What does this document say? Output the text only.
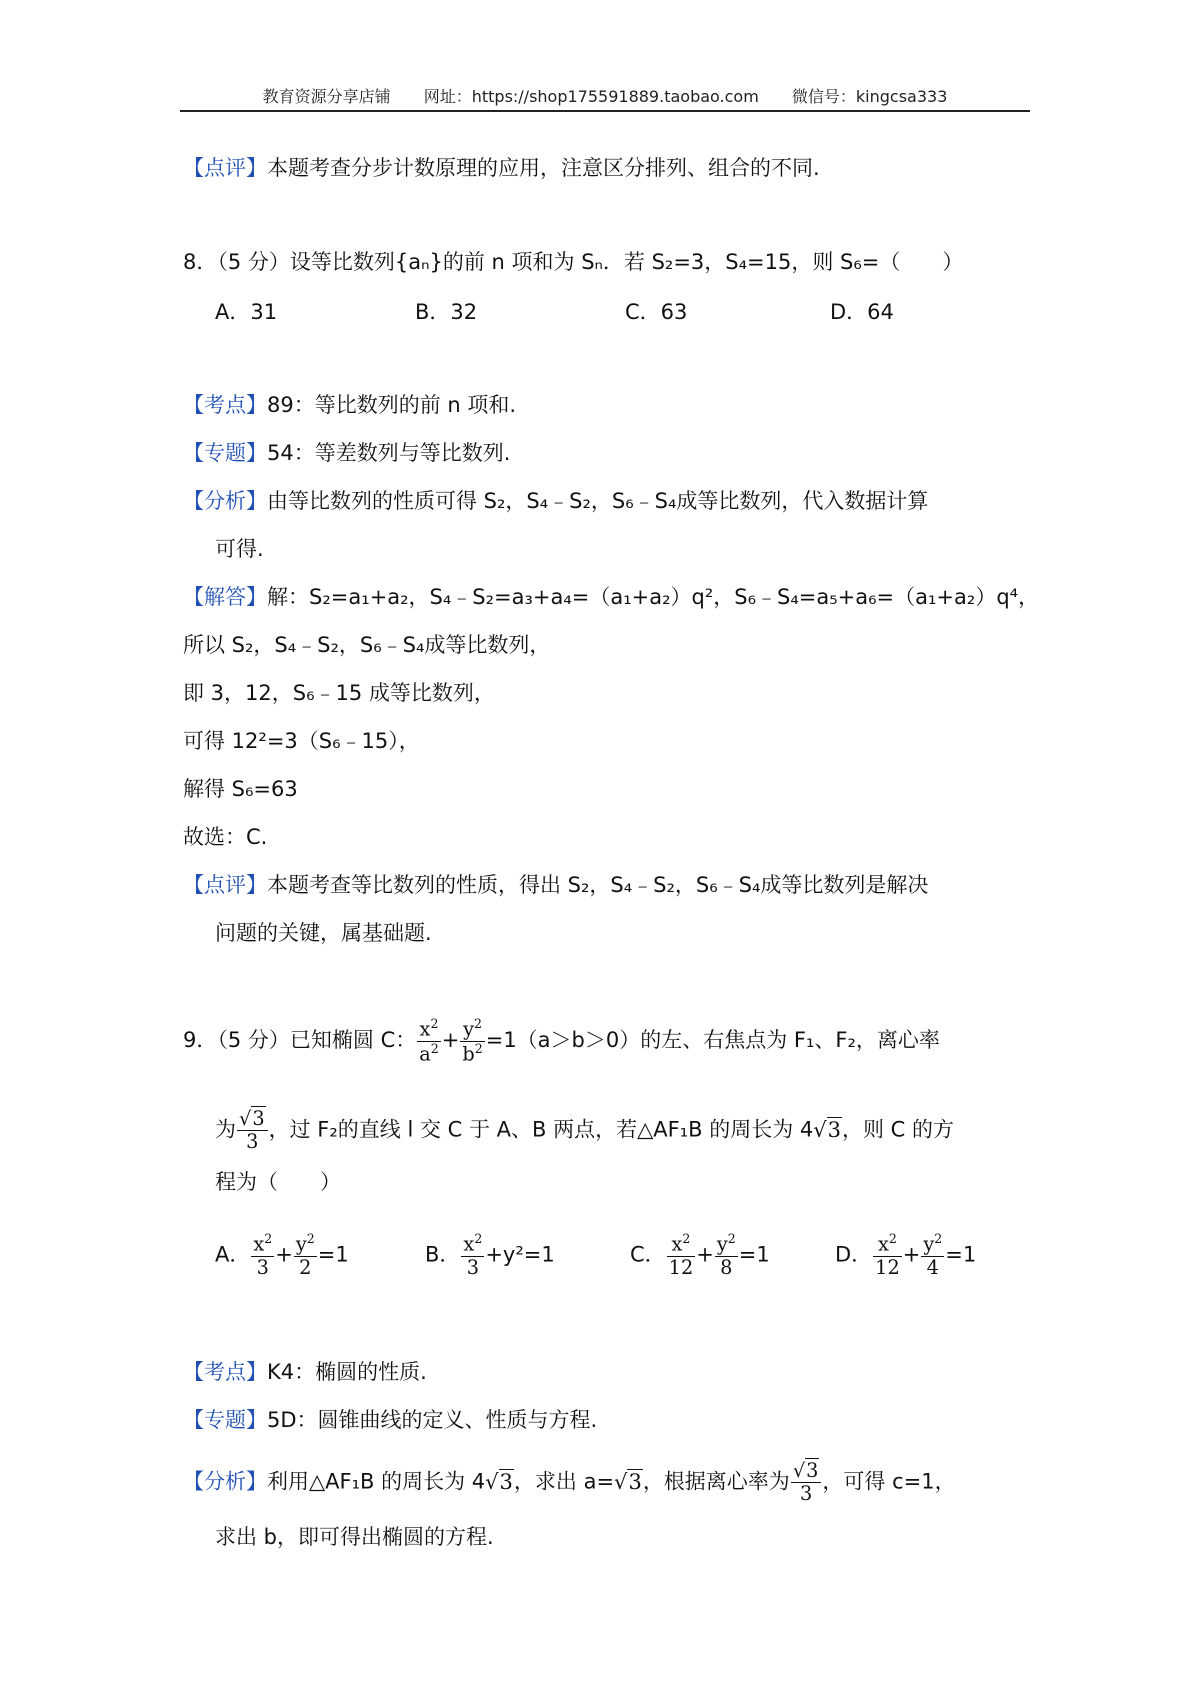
教育资源分享店铺 网址：https://shop175591889.taobao.com 微信号：kingcsa333
【点评】本题考查分步计数原理的应用，注意区分排列、组合的不同.
8．（5 分）设等比数列{aₙ}的前 n 项和为 Sₙ．若 S₂=3，S₄=15，则 S₆=（　　）
A．31	B．32	C．63	D．64
【考点】89：等比数列的前 n 项和.
【专题】54：等差数列与等比数列.
【分析】由等比数列的性质可得 S₂，S₄﹣S₂，S₆﹣S₄成等比数列，代入数据计算
可得.
【解答】解：S₂=a₁+a₂，S₄﹣S₂=a₃+a₄=（a₁+a₂）q²，S₆﹣S₄=a₅+a₆=（a₁+a₂）q⁴，
所以 S₂，S₄﹣S₂，S₆﹣S₄成等比数列，
即 3，12，S₆﹣15 成等比数列，
可得 12²=3（S₆﹣15），
解得 S₆=63
故选：C.
【点评】本题考查等比数列的性质，得出 S₂，S₄﹣S₂，S₆﹣S₄成等比数列是解决
问题的关键，属基础题.
9．（5 分）已知椭圆 C： $\frac{x^2}{a^2} + \frac{y^2}{b^2} =1(a>b>0)$的左、右焦点为 F₁、F₂，离心率
为 $\frac{√3}{3}$ ，过 F₂的直线 l 交 C 于 A、B 两点，若△AF₁B 的周长为 4√3，则 C 的方
程为（　　）
A． $\frac{x^2}{3} + \frac{y^2}{2} =1$	B． $\frac{x^2}{3} +y^2=1$	C． $\frac{x^2}{12} + \frac{y^2}{8} =1$	D． $\frac{x^2}{12} + \frac{y^2}{4} =1$
【考点】K4：椭圆的性质.
【专题】5D：圆锥曲线的定义、性质与方程.
【分析】利用△AF₁B 的周长为 4√3，求出 a=√3，根据离心率为 $\frac{√3}{3}$ ，可得 c=1，
求出 b，即可得出椭圆的方程.
